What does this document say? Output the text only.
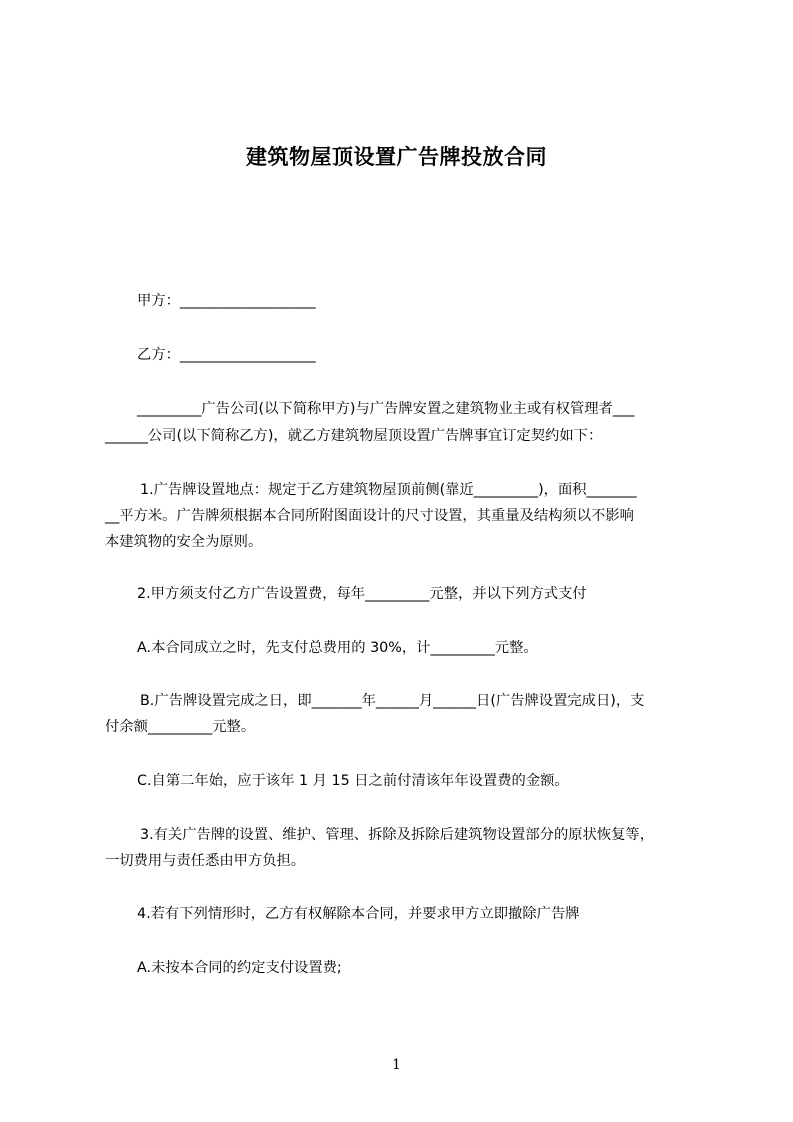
建筑物屋顶设置广告牌投放合同
甲方：___________________
乙方：___________________
_________广告公司(以下简称甲方)与广告牌安置之建筑物业主或有权管理者___
______公司(以下简称乙方)，就乙方建筑物屋顶设置广告牌事宜订定契约如下：
1.广告牌设置地点：规定于乙方建筑物屋顶前侧(靠近_________)，面积_______
__平方米。广告牌须根据本合同所附图面设计的尺寸设置，其重量及结构须以不影响
本建筑物的安全为原则。
2.甲方须支付乙方广告设置费，每年_________元整，并以下列方式支付
A.本合同成立之时，先支付总费用的 30%，计_________元整。
B.广告牌设置完成之日，即_______年______月______日(广告牌设置完成日)，支
付余额_________元整。
C.自第二年始，应于该年 1 月 15 日之前付清该年年设置费的金额。
3.有关广告牌的设置、维护、管理、拆除及拆除后建筑物设置部分的原状恢复等，
一切费用与责任悉由甲方负担。
4.若有下列情形时，乙方有权解除本合同，并要求甲方立即撤除广告牌
A.未按本合同的约定支付设置费;
1
